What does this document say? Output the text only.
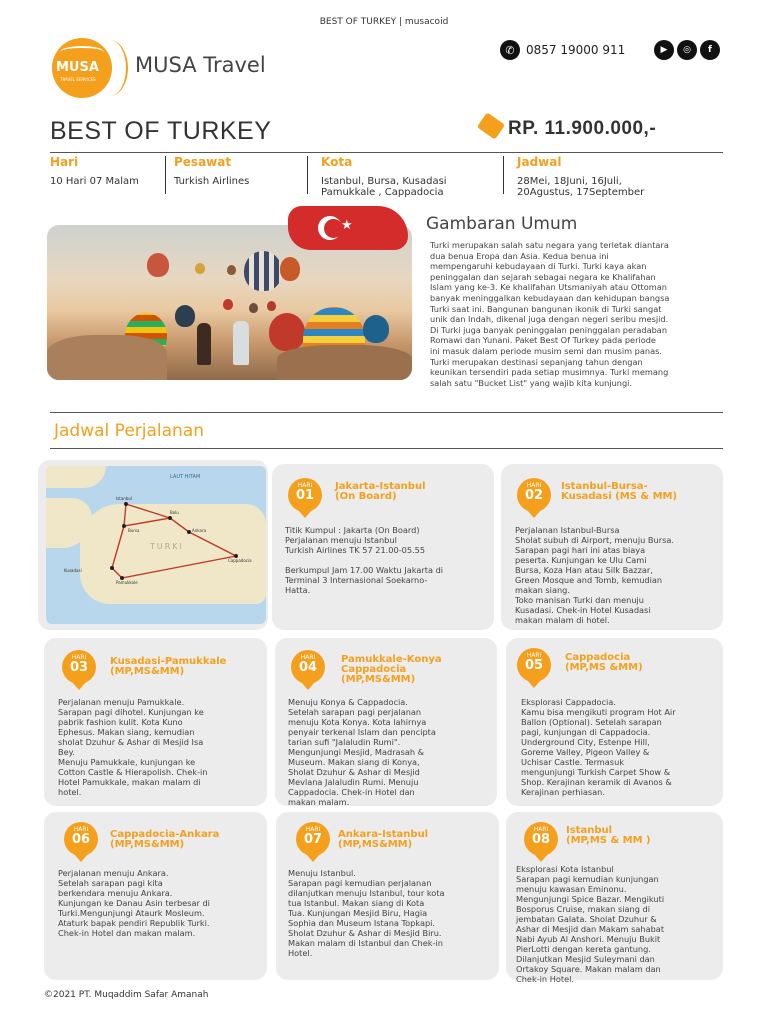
BEST OF TURKEY | musacoid
MUSA
TRAVEL SERVICES
MUSA Travel
✆ 0857 19000 911	▶	◎	f
BEST OF TURKEY	RP. 11.900.000,-
Hari
10 Hari 07 Malam
Pesawat
Turkish Airlines
Kota
Istanbul, Bursa, Kusadasi
Pamukkale , Cappadocia
Jadwal
28Mei, 18Juni, 16Juli,
20Agustus, 17September
★	Gambaran Umum
Turki merupakan salah satu negara yang terletak diantara
dua benua Eropa dan Asia. Kedua benua ini
mempengaruhi kebudayaan di Turki. Turki kaya akan
peninggalan dan sejarah sebagai negara ke Khalifahan
Islam yang ke-3. Ke khalifahan Utsmaniyah atau Ottoman
banyak meninggalkan kebudayaan dan kehidupan bangsa
Turki saat ini. Bangunan bangunan ikonik di Turki sangat
unik dan Indah, dikenal juga dengan negeri seribu mesjid.
Di Turki juga banyak peninggalan peninggalan peradaban
Romawi dan Yunani. Paket Best Of Turkey pada periode
ini masuk dalam periode musim semi dan musim panas.
Turki merupakan destinasi sepanjang tahun dengan
keunikan tersendiri pada setiap musimnya. Turki memang
salah satu "Bucket List" yang wajib kita kunjungi.
Jadwal Perjalanan
LAUT HITAM
TURKI
Istanbul
Bursa
Bolu
Ankara
Cappadocia
Kusadasi
Pamukkale
HARI
01
Jakarta-Istanbul
(On Board)
Titik Kumpul : Jakarta (On Board)
Perjalanan menuju Istanbul
Turkish Airlines TK 57 21.00-05.55
Berkumpul Jam 17.00 Waktu Jakarta di
Terminal 3 Internasional Soekarno-
Hatta.
HARI
02
Istanbul-Bursa-
Kusadasi (MS & MM)
Perjalanan Istanbul-Bursa
Sholat subuh di Airport, menuju Bursa.
Sarapan pagi hari ini atas biaya
peserta. Kunjungan ke Ulu Cami
Bursa, Koza Han atau Silk Bazzar,
Green Mosque and Tomb, kemudian
makan siang.
Toko manisan Turki dan menuju
Kusadasi. Chek-in Hotel Kusadasi
makan malam di hotel.
HARI
03	Kusadasi-Pamukkale
(MP,MS&MM)
Perjalanan menuju Pamukkale.
Sarapan pagi dihotel. Kunjungan ke
pabrik fashion kulit. Kota Kuno
Ephesus. Makan siang, kemudian
sholat Dzuhur & Ashar di Mesjid Isa
Bey.
Menuju Pamukkale, kunjungan ke
Cotton Castle & Hierapolish. Chek-in
Hotel Pamukkale, makan malam di
hotel.
HARI
04
Pamukkale-Konya
Cappadocia
(MP,MS&MM)
Menuju Konya & Cappadocia.
Setelah sarapan pagi perjalanan
menuju Kota Konya. Kota lahirnya
penyair terkenal Islam dan pencipta
tarian sufi "Jalaludin Rumi".
Mengunjungi Mesjid, Madrasah &
Museum. Makan siang di Konya,
Sholat Dzuhur & Ashar di Mesjid
Mevlana Jalaludin Rumi. Menuju
Cappadocia. Chek-in Hotel dan
makan malam.
HARI
05
Cappadocia
(MP,MS &MM)
Eksplorasi Cappadocia.
Kamu bisa mengikuti program Hot Air
Ballon (Optional). Setelah sarapan
pagi, kunjungan di Cappadocia.
Underground City, Estenpe Hill,
Goreme Valley, Pigeon Valley &
Uchisar Castle. Termasuk
mengunjungi Turkish Carpet Show &
Shop. Kerajinan keramik di Avanos &
Kerajinan perhiasan.
HARI
06	Cappadocia-Ankara
(MP,MS&MM)
Perjalanan menuju Ankara.
Setelah sarapan pagi kita
berkendara menuju Ankara.
Kunjungan ke Danau Asin terbesar di
Turki.Mengunjungi Ataurk Mosleum.
Ataturk bapak pendiri Republik Turki.
Chek-in Hotel dan makan malam.
HARI
07	Ankara-Istanbul
(MP,MS&MM)
Menuju Istanbul.
Sarapan pagi kemudian perjalanan
dilanjutkan menuju Istanbul, tour kota
tua Istanbul. Makan siang di Kota
Tua. Kunjungan Mesjid Biru, Hagia
Sophia dan Museum Istana Topkapi.
Sholat Dzuhur & Ashar di Mesjid Biru.
Makan malam di Istanbul dan Chek-in
Hotel.
HARI
08
Istanbul
(MP,MS & MM )
Eksplorasi Kota Istanbul
Sarapan pagi kemudian kunjungan
menuju kawasan Eminonu.
Mengunjungi Spice Bazar. Mengikuti
Bosporus Cruise, makan siang di
jembatan Galata. Sholat Dzuhur &
Ashar di Mesjid dan Makam sahabat
Nabi Ayub Al Anshori. Menuju Bukit
PierLotti dengan kereta gantung.
Dilanjutkan Mesjid Suleymani dan
Ortakoy Square. Makan malam dan
Chek-in Hotel.
©2021 PT. Muqaddim Safar Amanah
